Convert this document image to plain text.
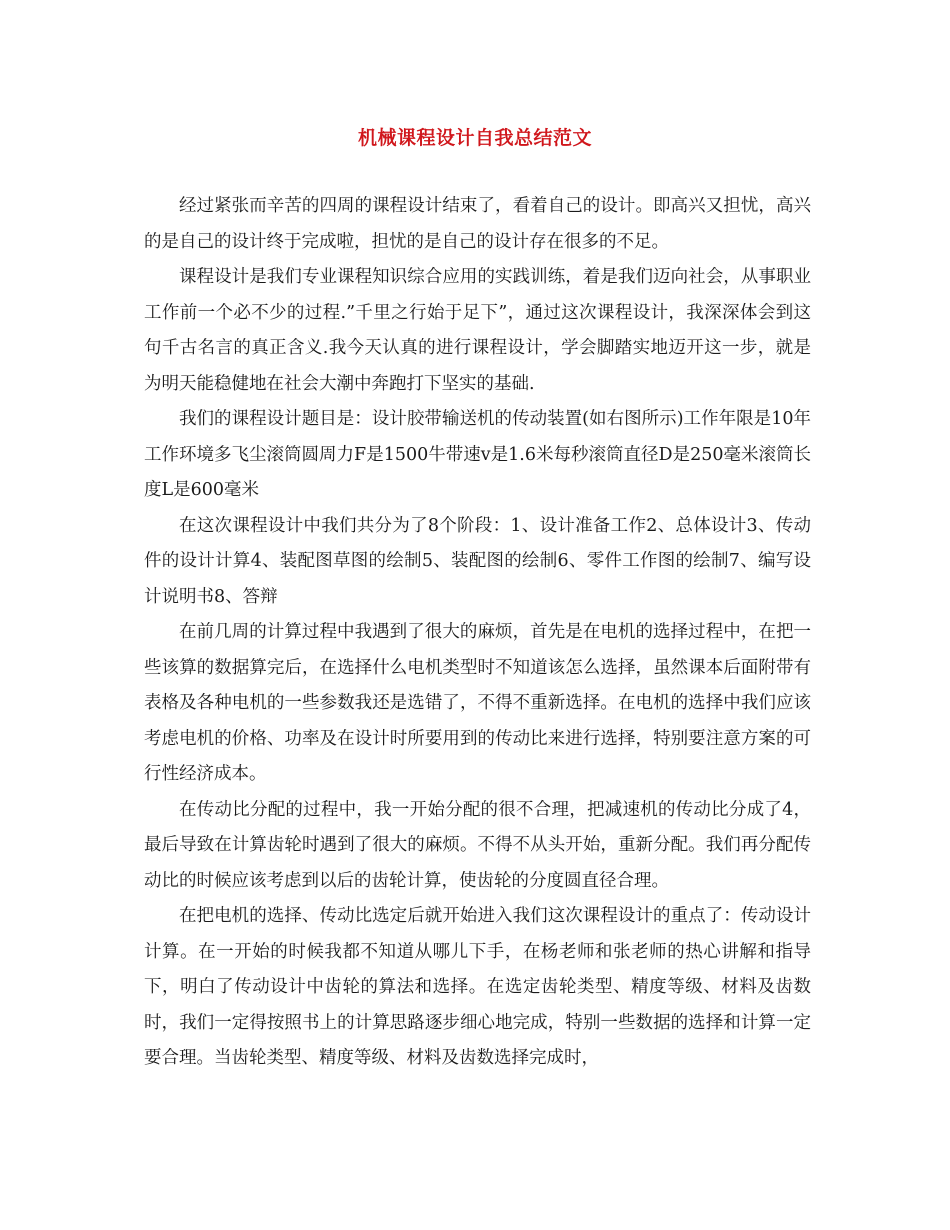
机械课程设计自我总结范文

经过紧张而辛苦的四周的课程设计结束了，看着自己的设计。即高兴又担忧，高兴的是自己的设计终于完成啦，担忧的是自己的设计存在很多的不足。

课程设计是我们专业课程知识综合应用的实践训练，着是我们迈向社会，从事职业工作前一个必不少的过程.”千里之行始于足下”，通过这次课程设计，我深深体会到这句千古名言的真正含义.我今天认真的进行课程设计，学会脚踏实地迈开这一步，就是为明天能稳健地在社会大潮中奔跑打下坚实的基础.

我们的课程设计题目是：设计胶带输送机的传动装置(如右图所示)工作年限是10年工作环境多飞尘滚筒圆周力F是1500牛带速v是1.6米每秒滚筒直径D是250毫米滚筒长度L是600毫米

在这次课程设计中我们共分为了8个阶段：1、设计准备工作2、总体设计3、传动件的设计计算4、装配图草图的绘制5、装配图的绘制6、零件工作图的绘制7、编写设计说明书8、答辩

在前几周的计算过程中我遇到了很大的麻烦，首先是在电机的选择过程中，在把一些该算的数据算完后，在选择什么电机类型时不知道该怎么选择，虽然课本后面附带有表格及各种电机的一些参数我还是选错了，不得不重新选择。在电机的选择中我们应该考虑电机的价格、功率及在设计时所要用到的传动比来进行选择，特别要注意方案的可行性经济成本。

在传动比分配的过程中，我一开始分配的很不合理，把减速机的传动比分成了4，最后导致在计算齿轮时遇到了很大的麻烦。不得不从头开始，重新分配。我们再分配传动比的时候应该考虑到以后的齿轮计算，使齿轮的分度圆直径合理。

在把电机的选择、传动比选定后就开始进入我们这次课程设计的重点了：传动设计计算。在一开始的时候我都不知道从哪儿下手，在杨老师和张老师的热心讲解和指导下，明白了传动设计中齿轮的算法和选择。在选定齿轮类型、精度等级、材料及齿数时，我们一定得按照书上的计算思路逐步细心地完成，特别一些数据的选择和计算一定要合理。当齿轮类型、精度等级、材料及齿数选择完成时，
